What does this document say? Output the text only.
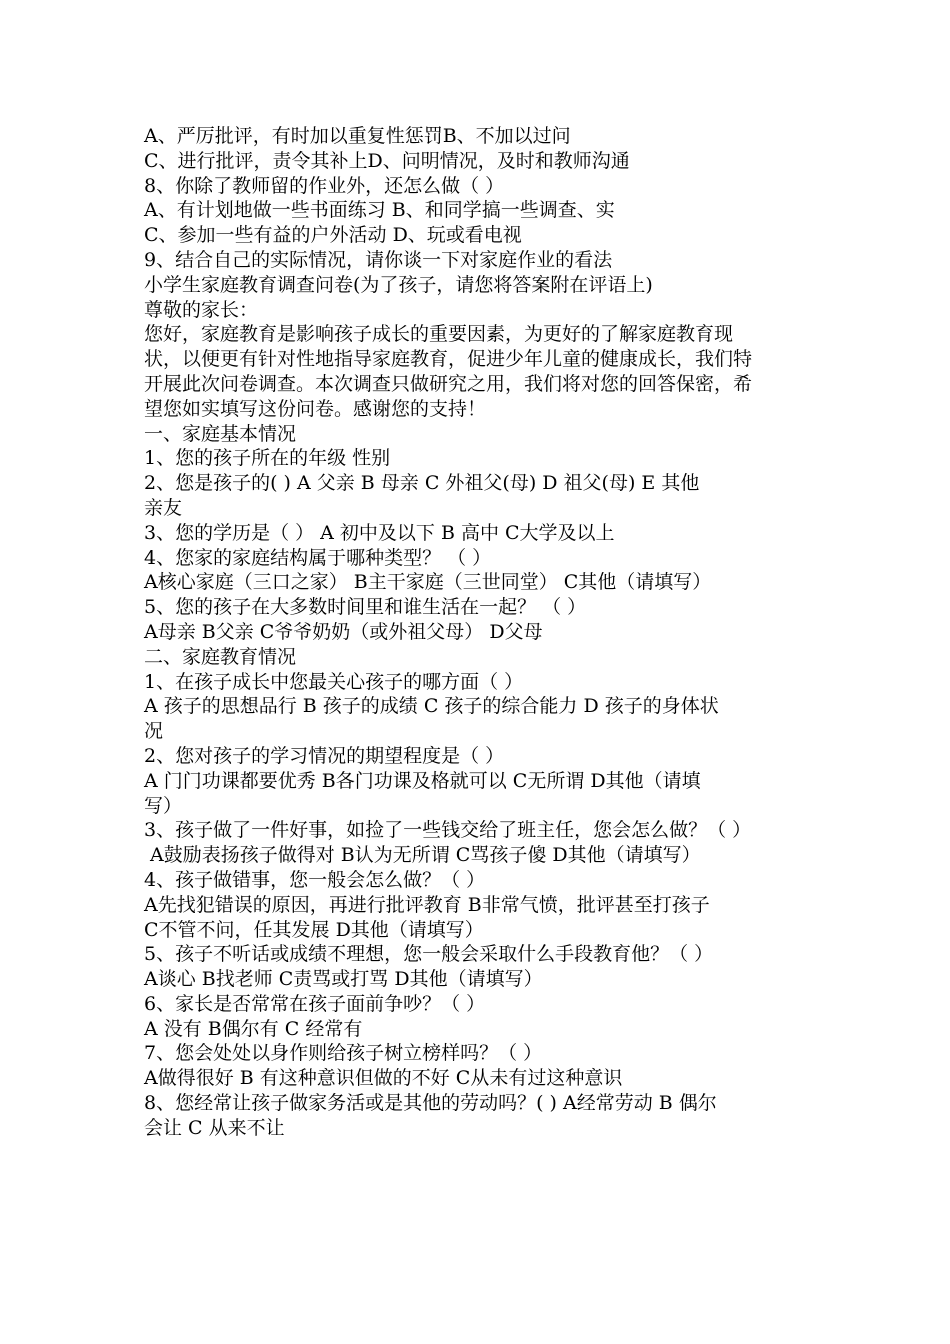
A、严厉批评，有时加以重复性惩罚B、不加以过问
C、进行批评，责令其补上D、问明情况，及时和教师沟通
8、你除了教师留的作业外，还怎么做（ ）
A、有计划地做一些书面练习 B、和同学搞一些调查、实
C、参加一些有益的户外活动 D、玩或看电视
9、结合自己的实际情况，请你谈一下对家庭作业的看法
小学生家庭教育调查问卷(为了孩子，请您将答案附在评语上)
尊敬的家长：
您好，家庭教育是影响孩子成长的重要因素，为更好的了解家庭教育现
状，以便更有针对性地指导家庭教育，促进少年儿童的健康成长，我们特
开展此次问卷调查。本次调查只做研究之用，我们将对您的回答保密，希
望您如实填写这份问卷。感谢您的支持！
一、家庭基本情况
1、您的孩子所在的年级 性别
2、您是孩子的( ) A 父亲 B 母亲 C 外祖父(母) D 祖父(母) E 其他
亲友
3、您的学历是（ ） A 初中及以下 B 高中 C大学及以上
4、您家的家庭结构属于哪种类型？ （ ）
A核心家庭（三口之家） B主干家庭（三世同堂） C其他（请填写）
5、您的孩子在大多数时间里和谁生活在一起？ （ ）
A母亲 B父亲 C爷爷奶奶（或外祖父母） D父母
二、家庭教育情况
1、在孩子成长中您最关心孩子的哪方面（ ）
A 孩子的思想品行 B 孩子的成绩 C 孩子的综合能力 D 孩子的身体状
况
2、您对孩子的学习情况的期望程度是（ ）
A 门门功课都要优秀 B各门功课及格就可以 C无所谓 D其他（请填
写）
3、孩子做了一件好事，如捡了一些钱交给了班主任，您会怎么做？（ ）
A鼓励表扬孩子做得对 B认为无所谓 C骂孩子傻 D其他（请填写）
4、孩子做错事，您一般会怎么做？（ ）
A先找犯错误的原因，再进行批评教育 B非常气愤，批评甚至打孩子
C不管不问，任其发展 D其他（请填写）
5、孩子不听话或成绩不理想，您一般会采取什么手段教育他？（ ）
A谈心 B找老师 C责骂或打骂 D其他（请填写）
6、家长是否常常在孩子面前争吵？（ ）
A 没有 B偶尔有 C 经常有
7、您会处处以身作则给孩子树立榜样吗？（ ）
A做得很好 B 有这种意识但做的不好 C从未有过这种意识
8、您经常让孩子做家务活或是其他的劳动吗？( ) A经常劳动 B 偶尔
会让 C 从来不让
